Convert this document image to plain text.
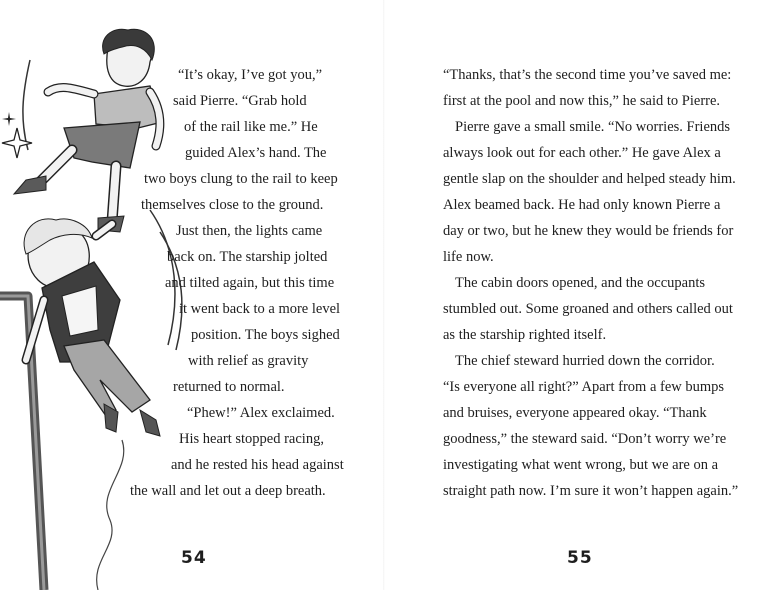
“It’s okay, I’ve got you,”
said Pierre. “Grab hold
of the rail like me.” He
guided Alex’s hand. The
two boys clung to the rail to keep
themselves close to the ground.
Just then, the lights came
back on. The starship jolted
and tilted again, but this time
it went back to a more level
position. The boys sighed
with relief as gravity
returned to normal.
“Phew!” Alex exclaimed.
His heart stopped racing,
and he rested his head against
the wall and let out a deep breath.
54
“Thanks, that’s the second time you’ve saved me:
first at the pool and now this,” he said to Pierre.
Pierre gave a small smile. “No worries. Friends
always look out for each other.” He gave Alex a
gentle slap on the shoulder and helped steady him.
Alex beamed back. He had only known Pierre a
day or two, but he knew they would be friends for
life now.
The cabin doors opened, and the occupants
stumbled out. Some groaned and others called out
as the starship righted itself.
The chief steward hurried down the corridor.
“Is everyone all right?” Apart from a few bumps
and bruises, everyone appeared okay. “Thank
goodness,” the steward said. “Don’t worry we’re
investigating what went wrong, but we are on a
straight path now. I’m sure it won’t happen again.”
55
